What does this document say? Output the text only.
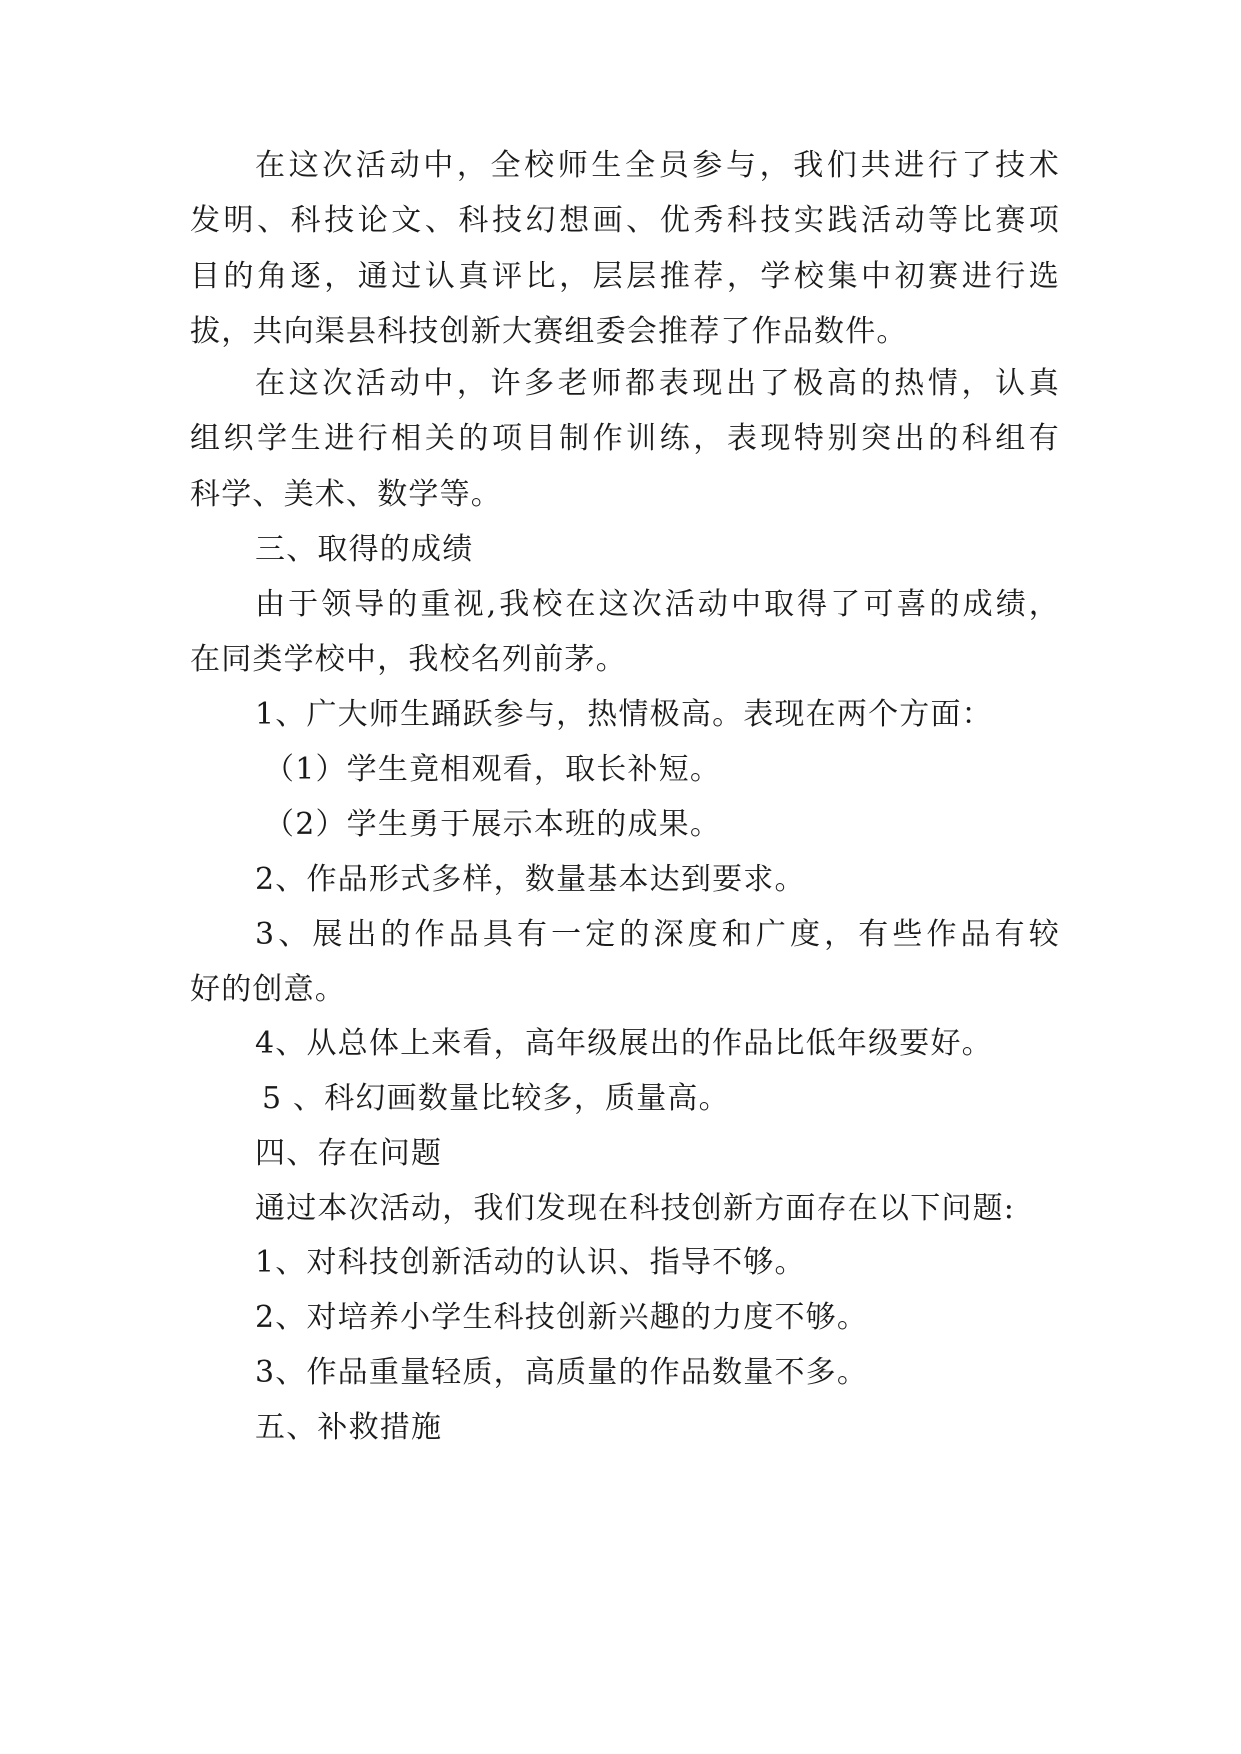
在这次活动中，全校师生全员参与，我们共进行了技术
发明、科技论文、科技幻想画、优秀科技实践活动等比赛项
目的角逐，通过认真评比，层层推荐，学校集中初赛进行选
拔，共向渠县科技创新大赛组委会推荐了作品数件。
在这次活动中，许多老师都表现出了极高的热情，认真
组织学生进行相关的项目制作训练，表现特别突出的科组有
科学、美术、数学等。
三、取得的成绩
由于领导的重视,我校在这次活动中取得了可喜的成绩，
在同类学校中，我校名列前茅。
1、广大师生踊跃参与，热情极高。表现在两个方面：
（1）学生竟相观看，取长补短。
（2）学生勇于展示本班的成果。
2、作品形式多样，数量基本达到要求。
3、展出的作品具有一定的深度和广度，有些作品有较
好的创意。
4、从总体上来看，高年级展出的作品比低年级要好。
5 、科幻画数量比较多，质量高。
四、存在问题
通过本次活动，我们发现在科技创新方面存在以下问题:
1、对科技创新活动的认识、指导不够。
2、对培养小学生科技创新兴趣的力度不够。
3、作品重量轻质，高质量的作品数量不多。
五、补救措施
